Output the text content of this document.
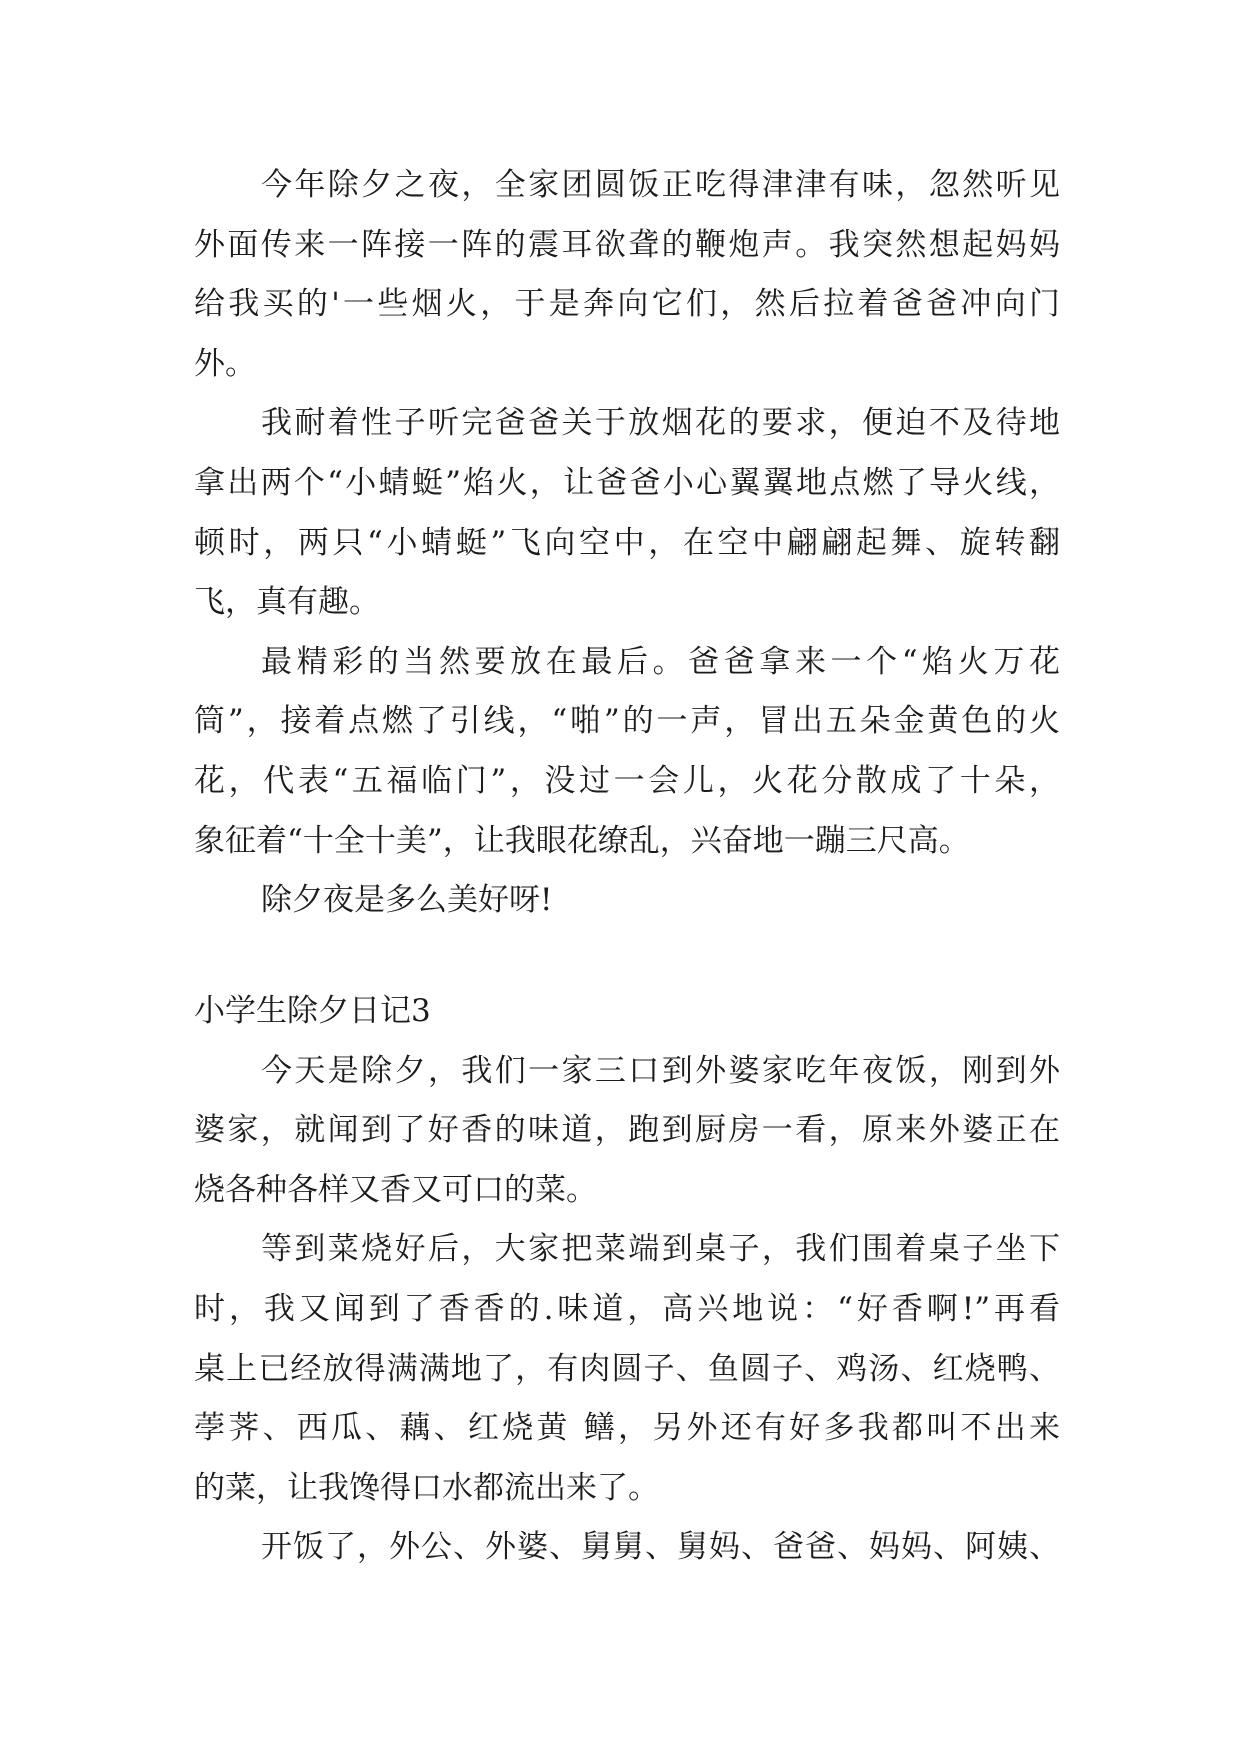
今年除夕之夜，全家团圆饭正吃得津津有味，忽然听见
外面传来一阵接一阵的震耳欲聋的鞭炮声。我突然想起妈妈
给我买的'一些烟火，于是奔向它们，然后拉着爸爸冲向门
外。
我耐着性子听完爸爸关于放烟花的要求，便迫不及待地
拿出两个“小蜻蜓”焰火，让爸爸小心翼翼地点燃了导火线，
顿时，两只“小蜻蜓”飞向空中，在空中翩翩起舞、旋转翻
飞，真有趣。
最精彩的当然要放在最后。爸爸拿来一个“焰火万花
筒”，接着点燃了引线，“啪”的一声，冒出五朵金黄色的火
花，代表“五福临门”，没过一会儿，火花分散成了十朵，
象征着“十全十美”，让我眼花缭乱，兴奋地一蹦三尺高。
除夕夜是多么美好呀!
小学生除夕日记3
今天是除夕，我们一家三口到外婆家吃年夜饭，刚到外
婆家，就闻到了好香的味道，跑到厨房一看，原来外婆正在
烧各种各样又香又可口的菜。
等到菜烧好后，大家把菜端到桌子，我们围着桌子坐下
时，我又闻到了香香的.味道，高兴地说：“好香啊!”再看
桌上已经放得满满地了，有肉圆子、鱼圆子、鸡汤、红烧鸭、
荸荠、西瓜、藕、红烧黄 鳝，另外还有好多我都叫不出来
的菜，让我馋得口水都流出来了。
开饭了，外公、外婆、舅舅、舅妈、爸爸、妈妈、阿姨、
